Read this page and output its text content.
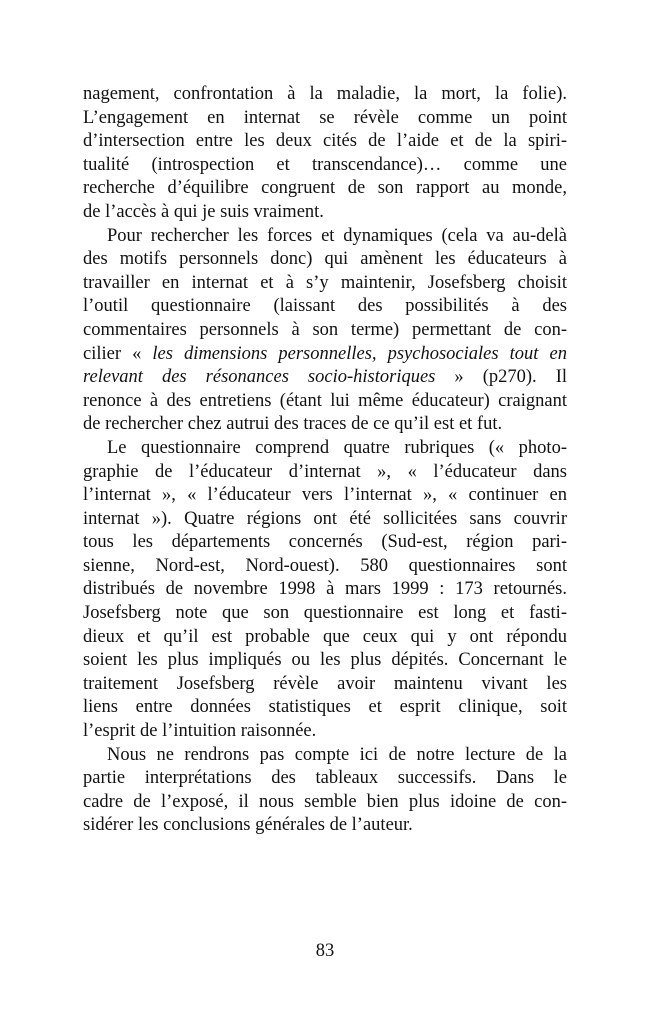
nagement, confrontation à la maladie, la mort, la folie).
L’engagement en internat se révèle comme un point
d’intersection entre les deux cités de l’aide et de la spiri-
tualité (introspection et transcendance)… comme une
recherche d’équilibre congruent de son rapport au monde,
de l’accès à qui je suis vraiment.
Pour rechercher les forces et dynamiques (cela va au-delà
des motifs personnels donc) qui amènent les éducateurs à
travailler en internat et à s’y maintenir, Josefsberg choisit
l’outil questionnaire (laissant des possibilités à des
commentaires personnels à son terme) permettant de con-
cilier « les dimensions personnelles, psychosociales tout en
relevant des résonances socio-historiques » (p270). Il
renonce à des entretiens (étant lui même éducateur) craignant
de rechercher chez autrui des traces de ce qu’il est et fut.
Le questionnaire comprend quatre rubriques (« photo-
graphie de l’éducateur d’internat », « l’éducateur dans
l’internat », « l’éducateur vers l’internat », « continuer en
internat »). Quatre régions ont été sollicitées sans couvrir
tous les départements concernés (Sud-est, région pari-
sienne, Nord-est, Nord-ouest). 580 questionnaires sont
distribués de novembre 1998 à mars 1999 : 173 retournés.
Josefsberg note que son questionnaire est long et fasti-
dieux et qu’il est probable que ceux qui y ont répondu
soient les plus impliqués ou les plus dépités. Concernant le
traitement Josefsberg révèle avoir maintenu vivant les
liens entre données statistiques et esprit clinique, soit
l’esprit de l’intuition raisonnée.
Nous ne rendrons pas compte ici de notre lecture de la
partie interprétations des tableaux successifs. Dans le
cadre de l’exposé, il nous semble bien plus idoine de con-
sidérer les conclusions générales de l’auteur.
83
